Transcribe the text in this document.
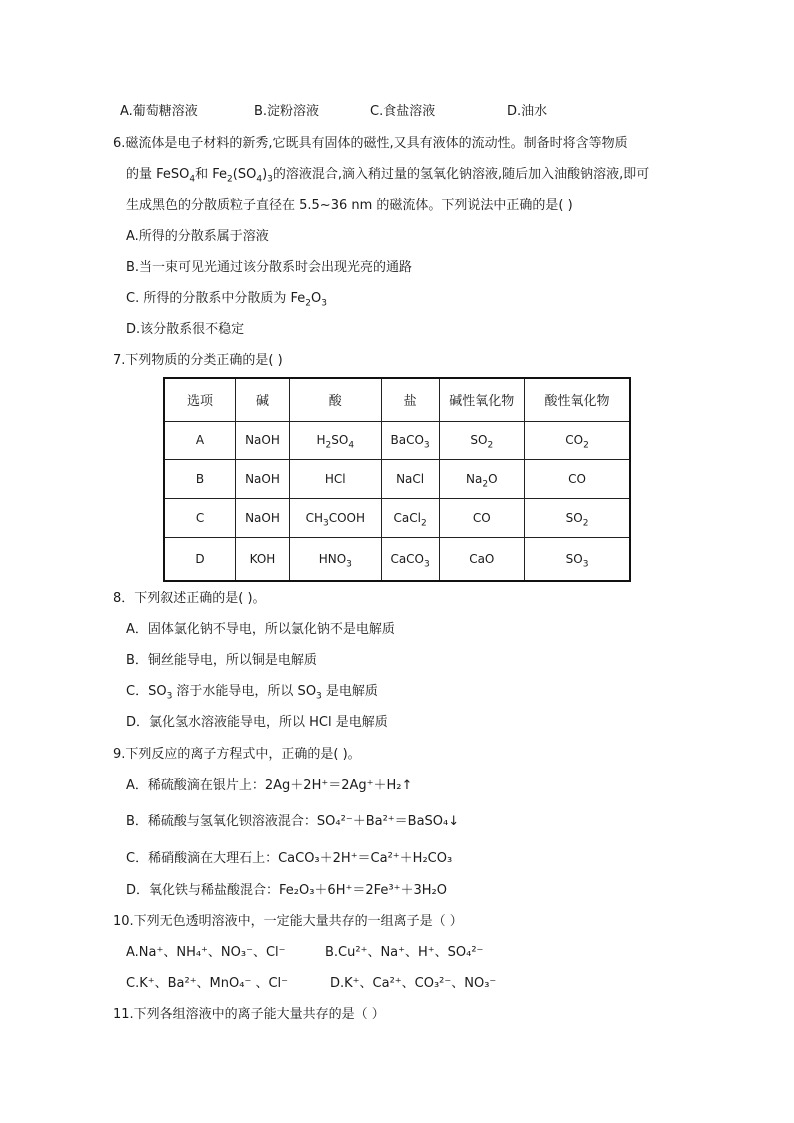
A.葡萄糖溶液	B.淀粉溶液	C.食盐溶液	D.油水
6.磁流体是电子材料的新秀,它既具有固体的磁性,又具有液体的流动性。制备时将含等物质
的量 FeSO$_4$和 $Fe_2(SO_4)_3$的溶液混合,滴入稍过量的氢氧化钠溶液,随后加入油酸钠溶液,即可
生成黑色的分散质粒子直径在 5.5~36 nm 的磁流体。下列说法中正确的是( )
A.所得的分散系属于溶液
B.当一束可见光通过该分散系时会出现光亮的通路
C. 所得的分散系中分散质为 $Fe_2O_3$
D.该分散系很不稳定
7.下列物质的分类正确的是( )
选项	碱	酸	盐	碱性氧化物	酸性氧化物
A	NaOH	$H_2SO_4$	BaCO$_3$	$SO_2$	$CO_2$
B	NaOH	HCl	NaCl	$Na_2O$	CO
C	NaOH	$CH_3COOH$	CaCl$_2$	CO	$SO_2$
D	KOH	$HNO_3$	CaCO$_3$	CaO	$SO_3$
8．下列叙述正确的是( )。
A．固体氯化钠不导电，所以氯化钠不是电解质
B．铜丝能导电，所以铜是电解质
C．$SO_3$ 溶于水能导电，所以 $SO_3$ 是电解质
D．氯化氢水溶液能导电，所以 HCl 是电解质
9.下列反应的离子方程式中，正确的是( )。
A．稀硫酸滴在银片上：2Ag＋2H⁺＝2Ag⁺＋H₂↑
B．稀硫酸与氢氧化钡溶液混合：SO₄²⁻＋Ba²⁺＝BaSO₄↓
C．稀硝酸滴在大理石上：CaCO₃＋2H⁺＝Ca²⁺＋H₂CO₃
D．氧化铁与稀盐酸混合：Fe₂O₃＋6H⁺＝2Fe³⁺＋3H₂O
10.下列无色透明溶液中，一定能大量共存的一组离子是（ ）
A.Na⁺、NH₄⁺、NO₃⁻、Cl⁻	B.Cu²⁺、Na⁺、H⁺、SO₄²⁻
C.K⁺、Ba²⁺、MnO₄⁻ 、Cl⁻	D.K⁺、Ca²⁺、CO₃²⁻、NO₃⁻
11.下列各组溶液中的离子能大量共存的是（ ）
